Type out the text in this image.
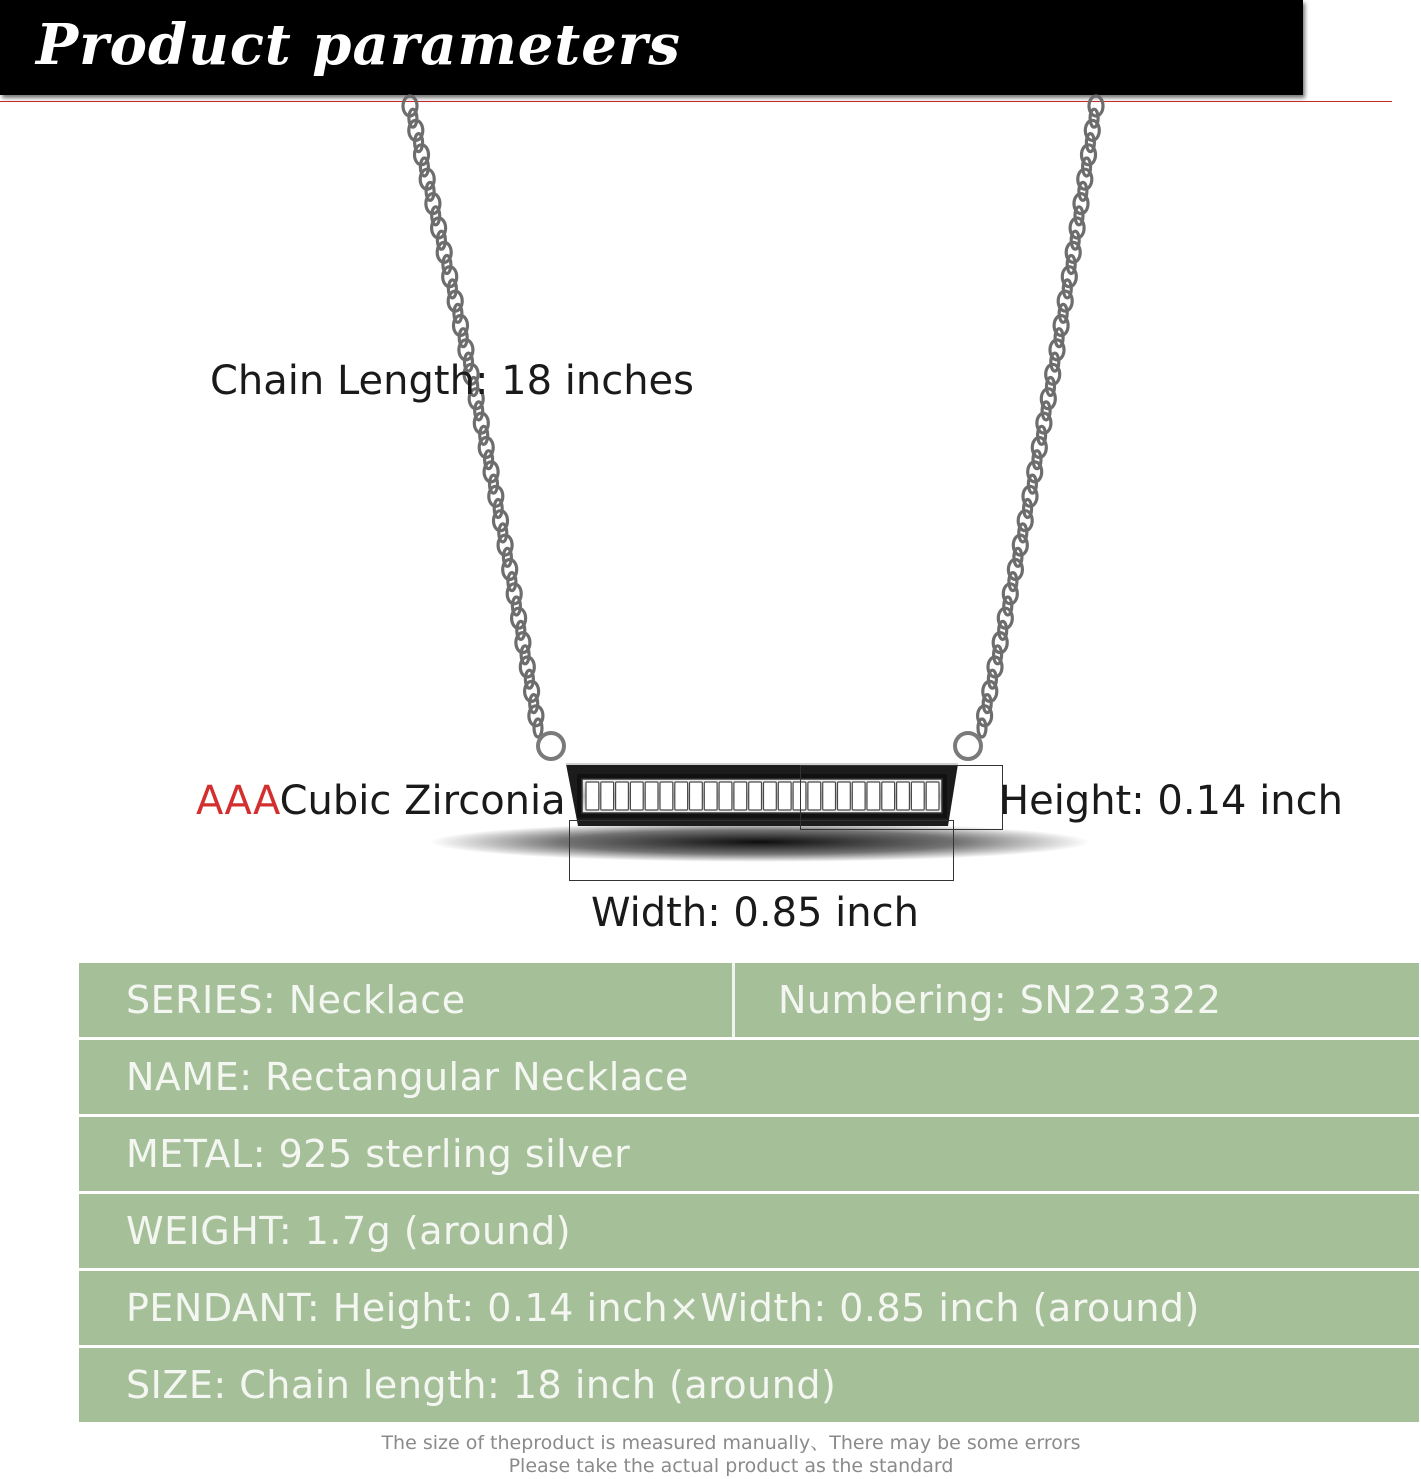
Product parameters
Chain Length: 18 inches
AAACubic Zirconia	Height: 0.14 inch
Width: 0.85 inch
SERIES: Necklace	Numbering: SN223322
NAME: Rectangular Necklace
METAL: 925 sterling silver
WEIGHT: 1.7g (around)
PENDANT: Height: 0.14 inch×Width: 0.85 inch (around)
SIZE: Chain length: 18 inch (around)
The size of theproduct is measured manually、There may be some errors
Please take the actual product as the standard
